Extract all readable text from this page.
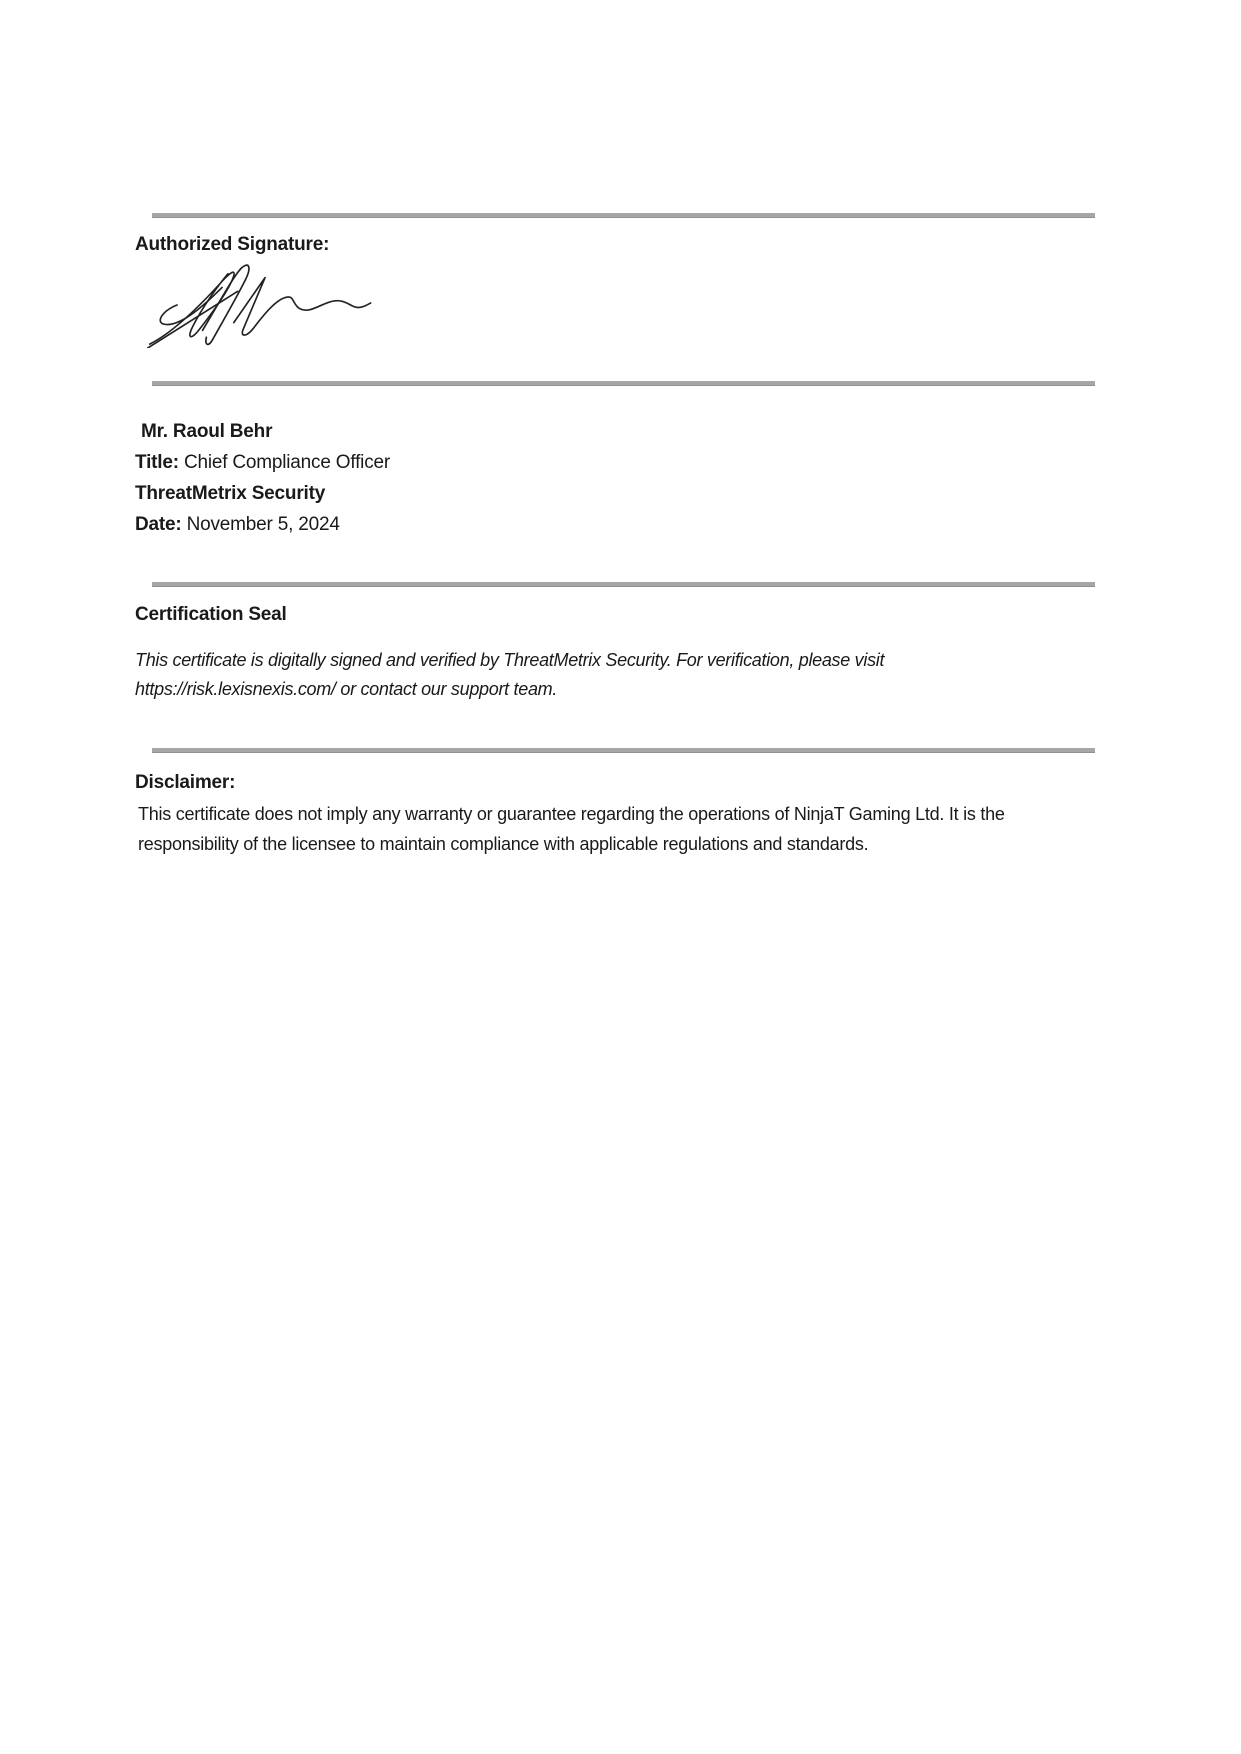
Authorized Signature:
Mr. Raoul Behr
Title: Chief Compliance Officer
ThreatMetrix Security
Date: November 5, 2024
Certification Seal

This certificate is digitally signed and verified by ThreatMetrix Security. For verification, please visit https://risk.lexisnexis.com/ or contact our support team.

Disclaimer:

This certificate does not imply any warranty or guarantee regarding the operations of NinjaT Gaming Ltd. It is the responsibility of the licensee to maintain compliance with applicable regulations and standards.
